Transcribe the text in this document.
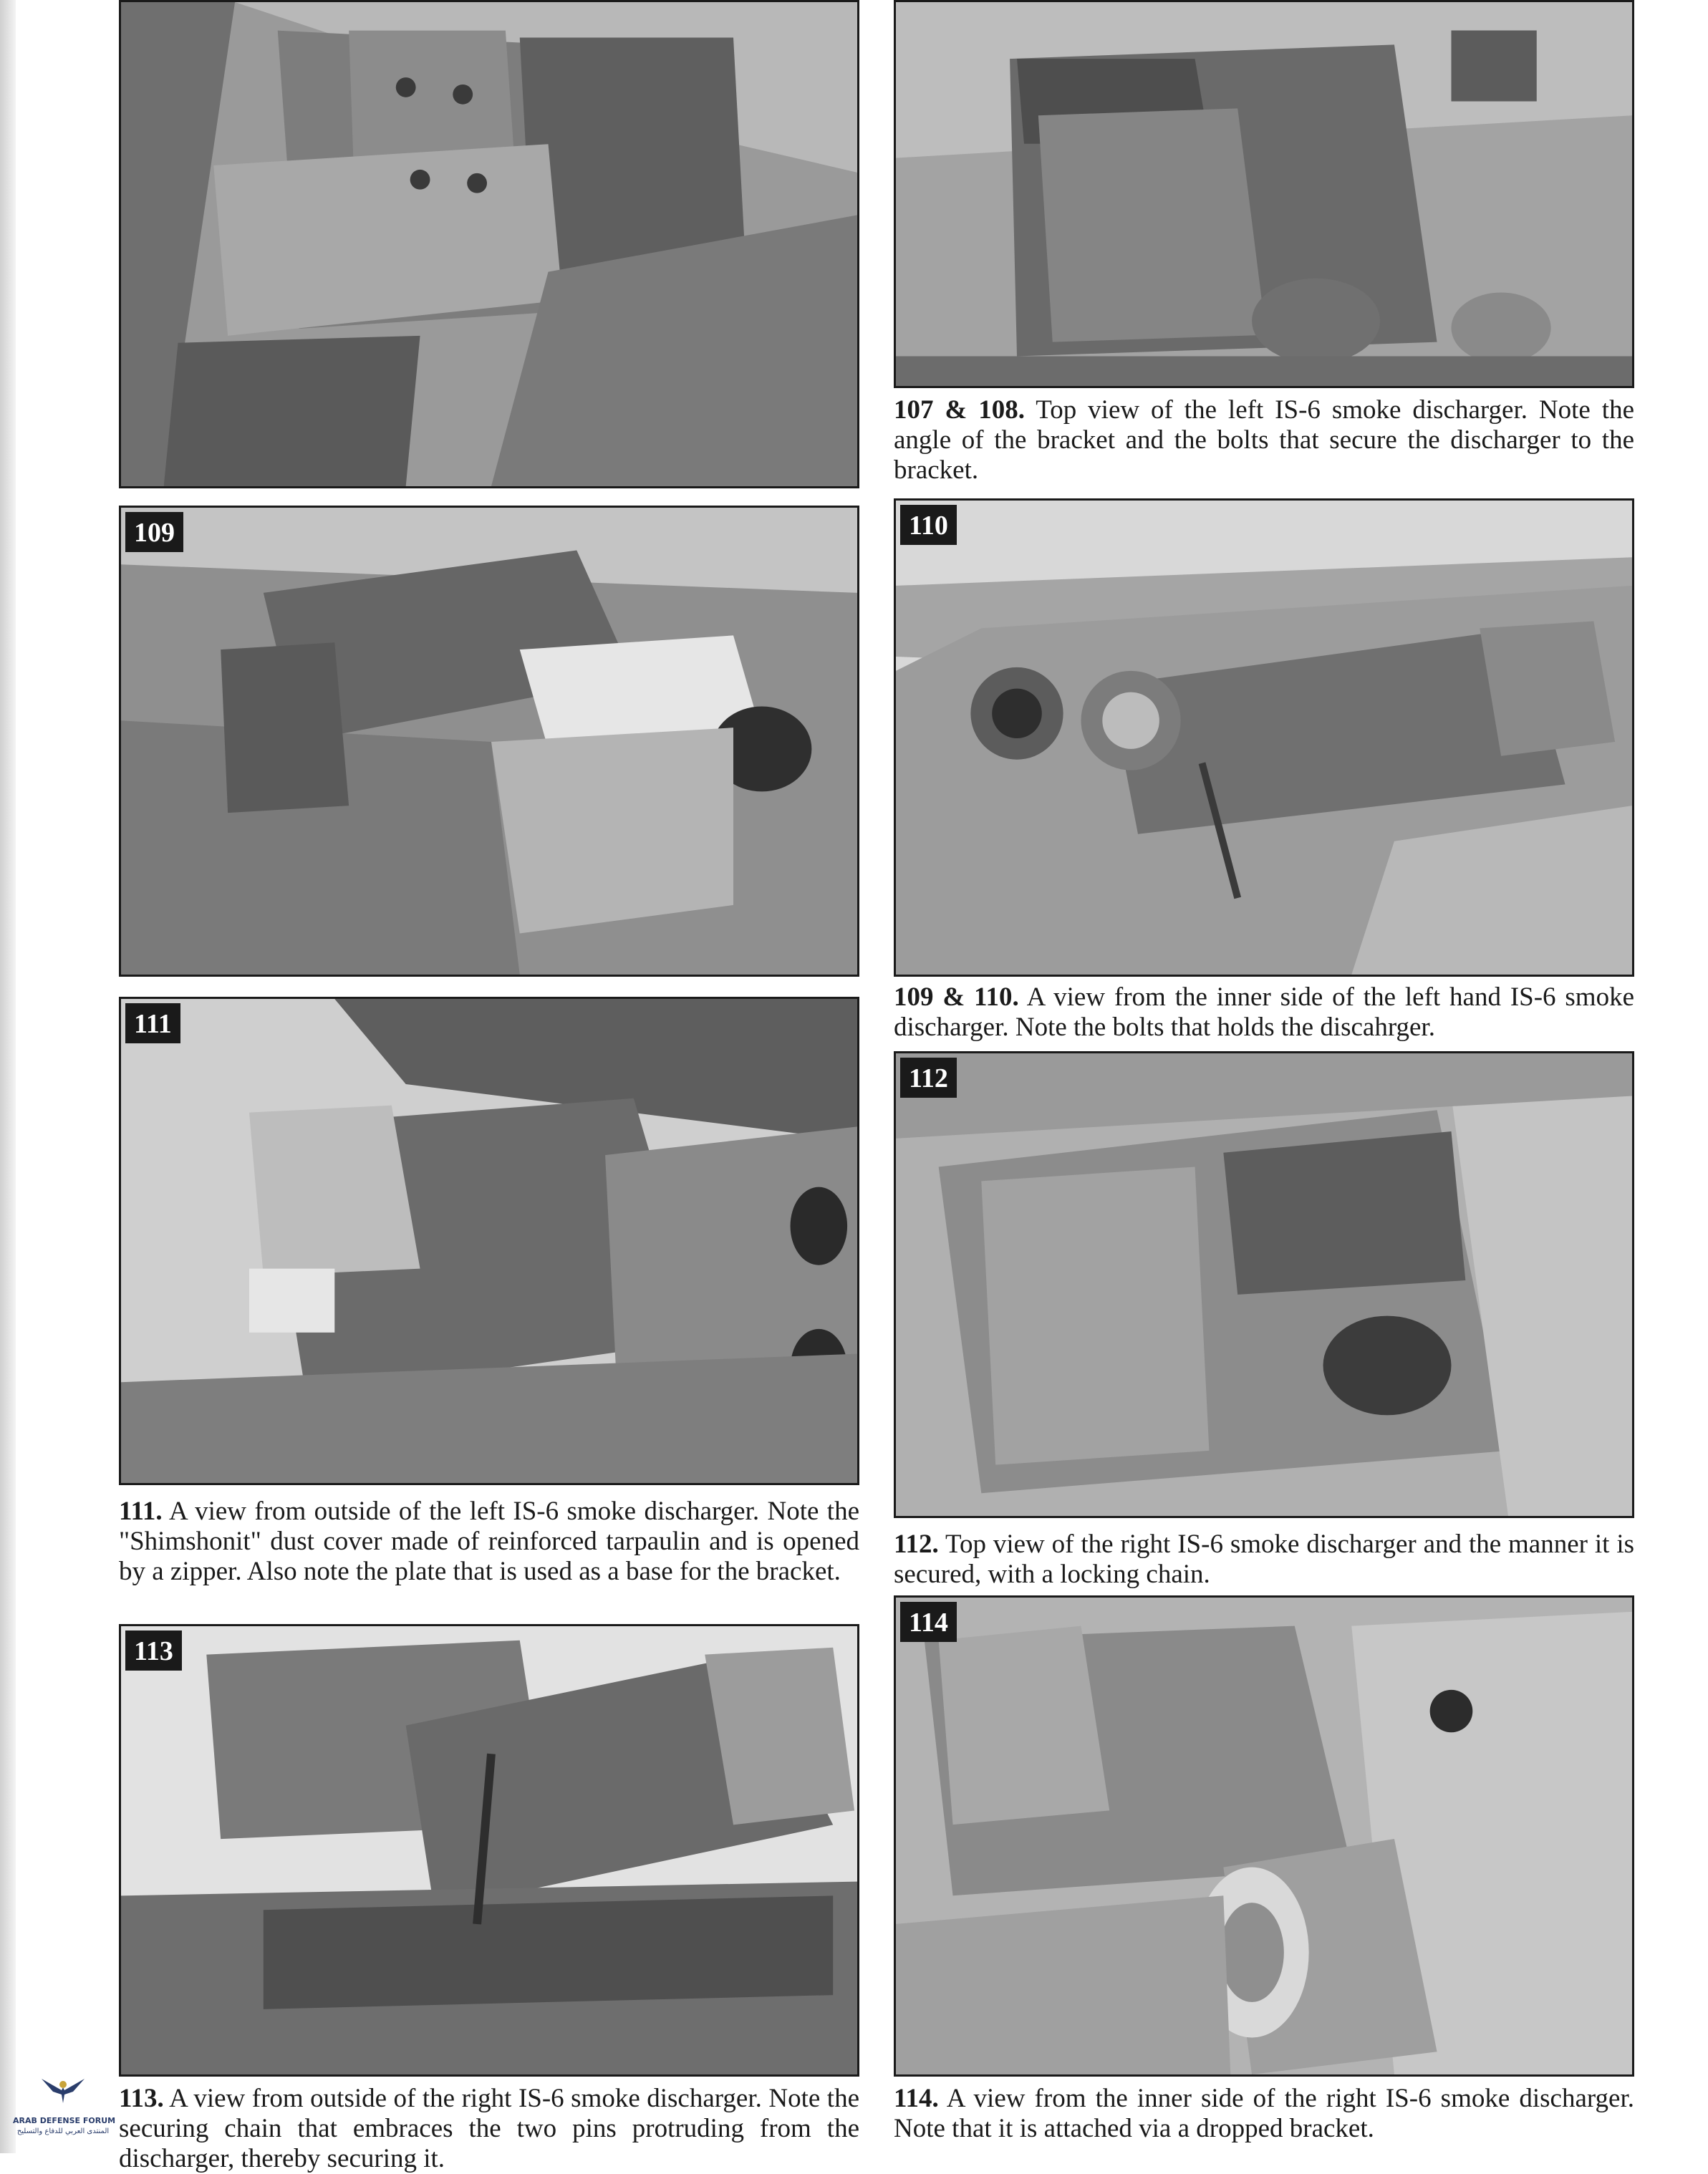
107 & 108. Top view of the left IS-6 smoke discharger. Note the angle of the bracket and the bolts that secure the discharger to the bracket.

109	110

109 & 110. A view from the inner side of the left hand IS-6 smoke discharger. Note the bolts that holds the discahrger.

111

111. A view from outside of the left IS-6 smoke discharger. Note the "Shimshonit" dust cover made of reinforced tarpaulin and is opened by a zipper. Also note the plate that is used as a base for the bracket.

112

112. Top view of the right IS-6 smoke discharger and the manner it is secured, with a locking chain.

113

113. A view from outside of the right IS-6 smoke discharger. Note the securing chain that embraces the two pins protruding from the discharger, thereby securing it.

114

114. A view from the inner side of the right IS-6 smoke discharger. Note that it is attached via a dropped bracket.

ARAB DEFENSE FORUM
المنتدى العربي للدفاع والتسليح
